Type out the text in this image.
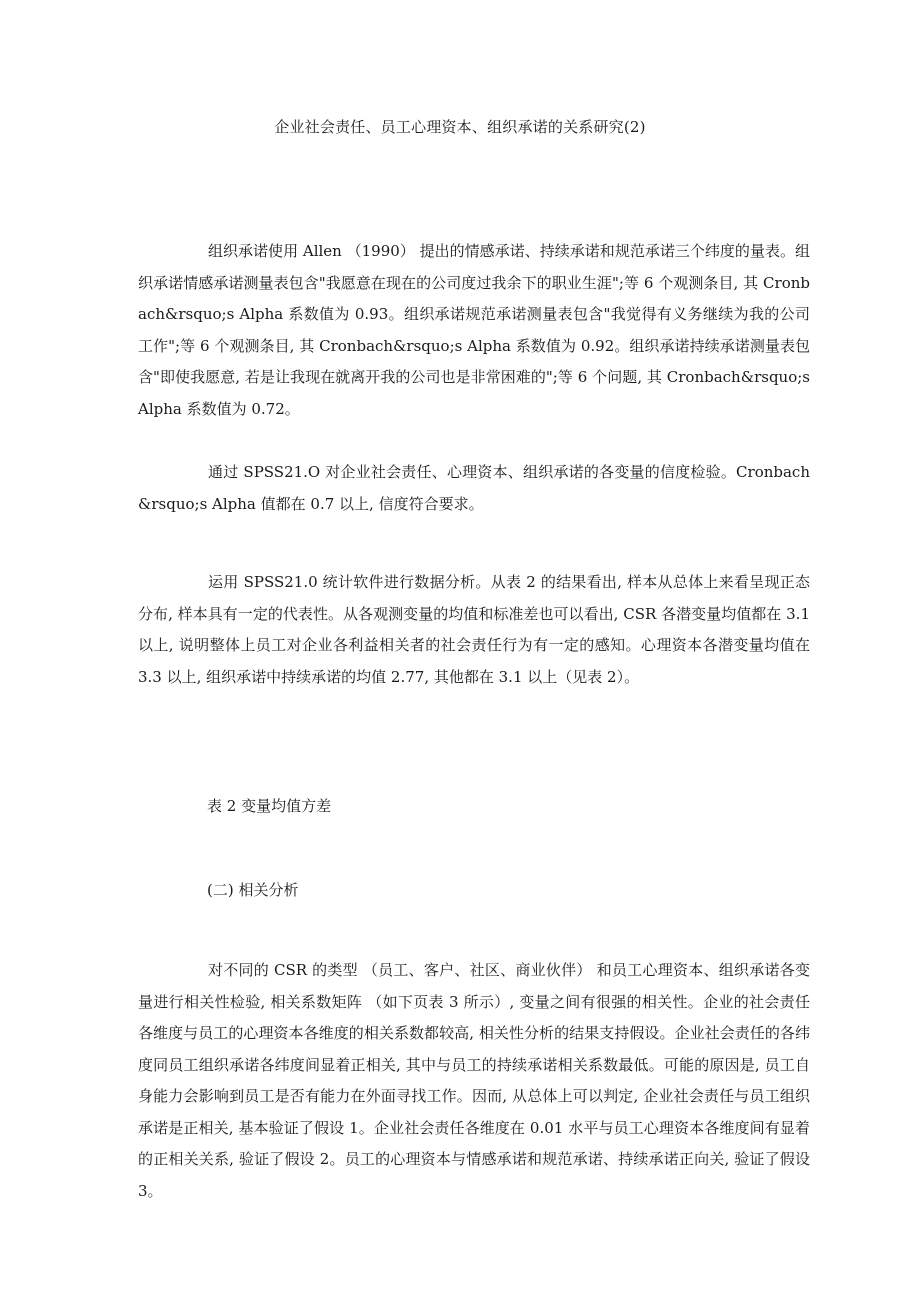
企业社会责任、员工心理资本、组织承诺的关系研究(2)

组织承诺使用 Allen （1990） 提出的情感承诺、持续承诺和规范承诺三个纬度的量表。组织承诺情感承诺测量表包含"我愿意在现在的公司度过我余下的职业生涯";等 6 个观测条目, 其 Cronbach&rsquo;s Alpha 系数值为 0.93。组织承诺规范承诺测量表包含"我觉得有义务继续为我的公司工作";等 6 个观测条目, 其 Cronbach&rsquo;s Alpha 系数值为 0.92。组织承诺持续承诺测量表包含"即使我愿意, 若是让我现在就离开我的公司也是非常困难的";等 6 个问题, 其 Cronbach&rsquo;s Alpha 系数值为 0.72。

通过 SPSS21.O 对企业社会责任、心理资本、组织承诺的各变量的信度检验。Cronbach&rsquo;s Alpha 值都在 0.7 以上, 信度符合要求。

运用 SPSS21.0 统计软件进行数据分析。从表 2 的结果看出, 样本从总体上来看呈现正态分布, 样本具有一定的代表性。从各观测变量的均值和标准差也可以看出, CSR 各潜变量均值都在 3.1 以上, 说明整体上员工对企业各利益相关者的社会责任行为有一定的感知。心理资本各潜变量均值在 3.3 以上, 组织承诺中持续承诺的均值 2.77, 其他都在 3.1 以上（见表 2）。

表 2 变量均值方差

(二) 相关分析

对不同的 CSR 的类型 （员工、客户、社区、商业伙伴） 和员工心理资本、组织承诺各变量进行相关性检验, 相关系数矩阵 （如下页表 3 所示）, 变量之间有很强的相关性。企业的社会责任各维度与员工的心理资本各维度的相关系数都较高, 相关性分析的结果支持假设。企业社会责任的各纬度同员工组织承诺各纬度间显着正相关, 其中与员工的持续承诺相关系数最低。可能的原因是, 员工自身能力会影响到员工是否有能力在外面寻找工作。因而, 从总体上可以判定, 企业社会责任与员工组织承诺是正相关, 基本验证了假设 1。企业社会责任各维度在 0.01 水平与员工心理资本各维度间有显着的正相关关系, 验证了假设 2。员工的心理资本与情感承诺和规范承诺、持续承诺正向关, 验证了假设 3。
